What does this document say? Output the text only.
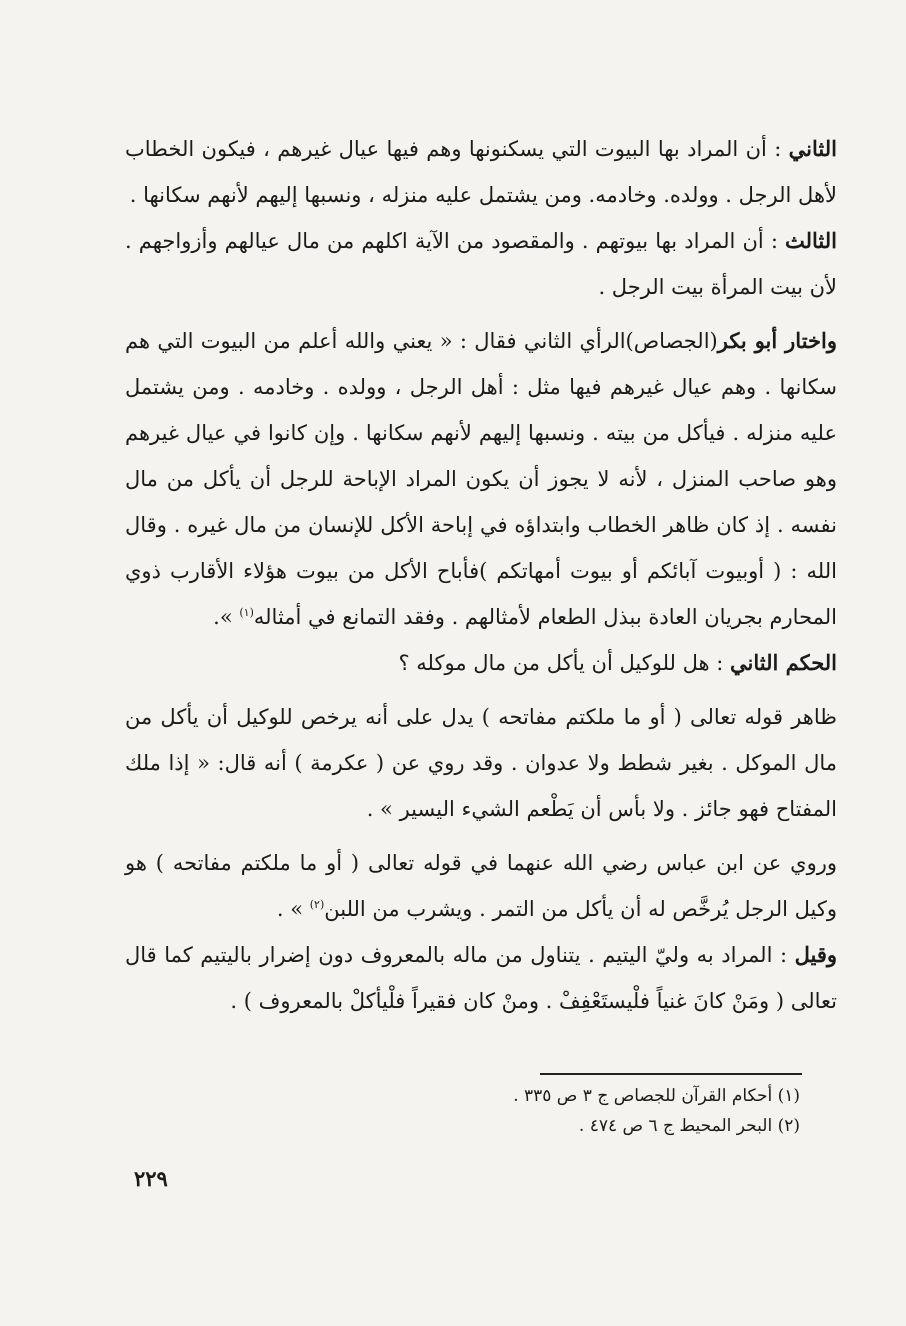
الثاني : أن المراد بها البيوت التي يسكنونها وهم فيها عيال غيرهم ، فيكون الخطاب لأهل الرجل . وولده. وخادمه. ومن يشتمل عليه منزله ، ونسبها إليهم لأنهم سكانها .

الثالث : أن المراد بها بيوتهم . والمقصود من الآية اكلهم من مال عيالهم وأزواجهم . لأن بيت المرأة بيت الرجل .

واختار أبو بكر(الجصاص)الرأي الثاني فقال : « يعني والله أعلم من البيوت التي هم سكانها . وهم عيال غيرهم فيها مثل : أهل الرجل ، وولده . وخادمه . ومن يشتمل عليه منزله . فيأكل من بيته . ونسبها إليهم لأنهم سكانها . وإن كانوا في عيال غيرهم وهو صاحب المنزل ، لأنه لا يجوز أن يكون المراد الإباحة للرجل أن يأكل من مال نفسه . إذ كان ظاهر الخطاب وابتداؤه في إباحة الأكل للإنسان من مال غيره . وقال الله : ( أوبيوت آبائكم أو بيوت أمهاتكم )فأباح الأكل من بيوت هؤلاء الأقارب ذوي المحارم بجريان العادة ببذل الطعام لأمثالهم . وفقد التمانع في أمثاله$^{(١)}$ ».

الحكم الثاني : هل للوكيل أن يأكل من مال موكله ؟

ظاهر قوله تعالى ( أو ما ملكتم مفاتحه ) يدل على أنه يرخص للوكيل أن يأكل من مال الموكل . بغير شطط ولا عدوان . وقد روي عن ( عكرمة ) أنه قال: « إذا ملك المفتاح فهو جائز . ولا بأس أن يَطْعم الشيء اليسير » .

وروي عن ابن عباس رضي الله عنهما في قوله تعالى ( أو ما ملكتم مفاتحه ) هو وكيل الرجل يُرخَّص له أن يأكل من التمر . ويشرب من اللبن$^{(٢)}$ » .

وقيل : المراد به وليّ اليتيم . يتناول من ماله بالمعروف دون إضرار باليتيم كما قال تعالى ( ومَنْ كانَ غنياً فلْيستَعْفِفْ . ومنْ كان فقيراً فلْيأكلْ بالمعروف ) .

(١) أحكام القرآن للجصاص ج ٣ ص ٣٣٥ .

(٢) البحر المحيط ج ٦ ص ٤٧٤ .

٢٢٩
